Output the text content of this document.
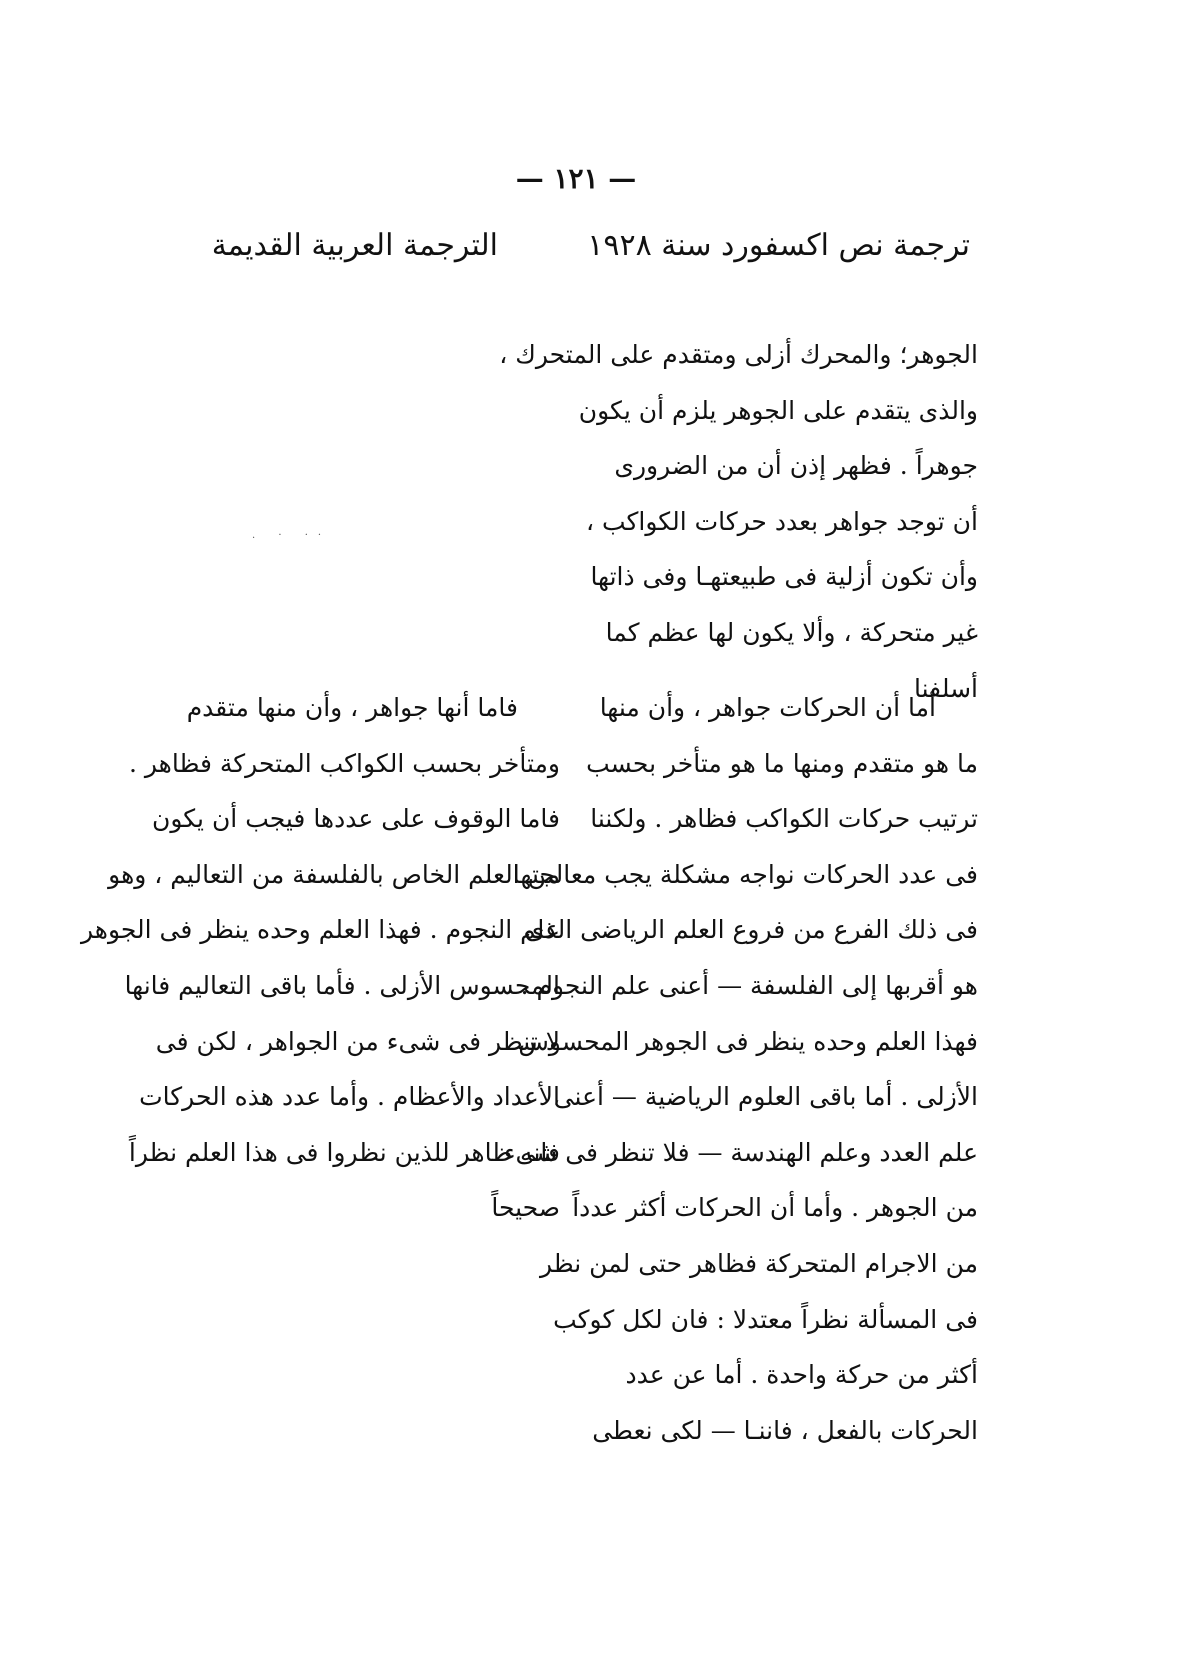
— ١٢١ —
ترجمة نص اكسفورد سنة ١٩٢٨
الترجمة العربية القديمة
. · ··
الجوهر؛ والمحرك أزلى ومتقدم على المتحرك ،
والذى يتقدم على الجوهر يلزم أن يكون
جوهراً . فظهر إذن أن من الضرورى
أن توجد جواهر بعدد حركات الكواكب ،
وأن تكون أزلية فى طبيعتهـا وفى ذاتها
غير متحركة ، وألا يكون لها عظم كما
أسلفنا
أما أن الحركات جواهر ، وأن منها
ما هو متقدم ومنها ما هو متأخر بحسب
ترتيب حركات الكواكب فظاهر . ولكننا
فى عدد الحركات نواجه مشكلة يجب معالجتها
فى ذلك الفرع من فروع العلم الرياضى الذى
هو أقربها إلى الفلسفة — أعنى علم النجوم .
فهذا العلم وحده ينظر فى الجوهر المحسوس
الأزلى . أما باقى العلوم الرياضية — أعنى
علم العدد وعلم الهندسة — فلا تنظر فى شىء
من الجوهر . وأما أن الحركات أكثر عدداً
من الاجرام المتحركة فظاهر حتى لمن نظر
فى المسألة نظراً معتدلا : فان لكل كوكب
أكثر من حركة واحدة . أما عن عدد
الحركات بالفعل ، فاننـا — لكى نعطى
فاما أنها جواهر ، وأن منها متقدم
ومتأخر بحسب الكواكب المتحركة فظاهر .
فاما الوقوف على عددها فيجب أن يكون
من العلم الخاص بالفلسفة من التعاليم ، وهو
علم النجوم . فهذا العلم وحده ينظر فى الجوهر
المحسوس الأزلى . فأما باقى التعاليم فانها
لا تنظر فى شىء من الجواهر ، لكن فى
الأعداد والأعظام . وأما عدد هذه الحركات
فانه ظاهر للذين نظروا فى هذا العلم نظراً
صحيحاً
